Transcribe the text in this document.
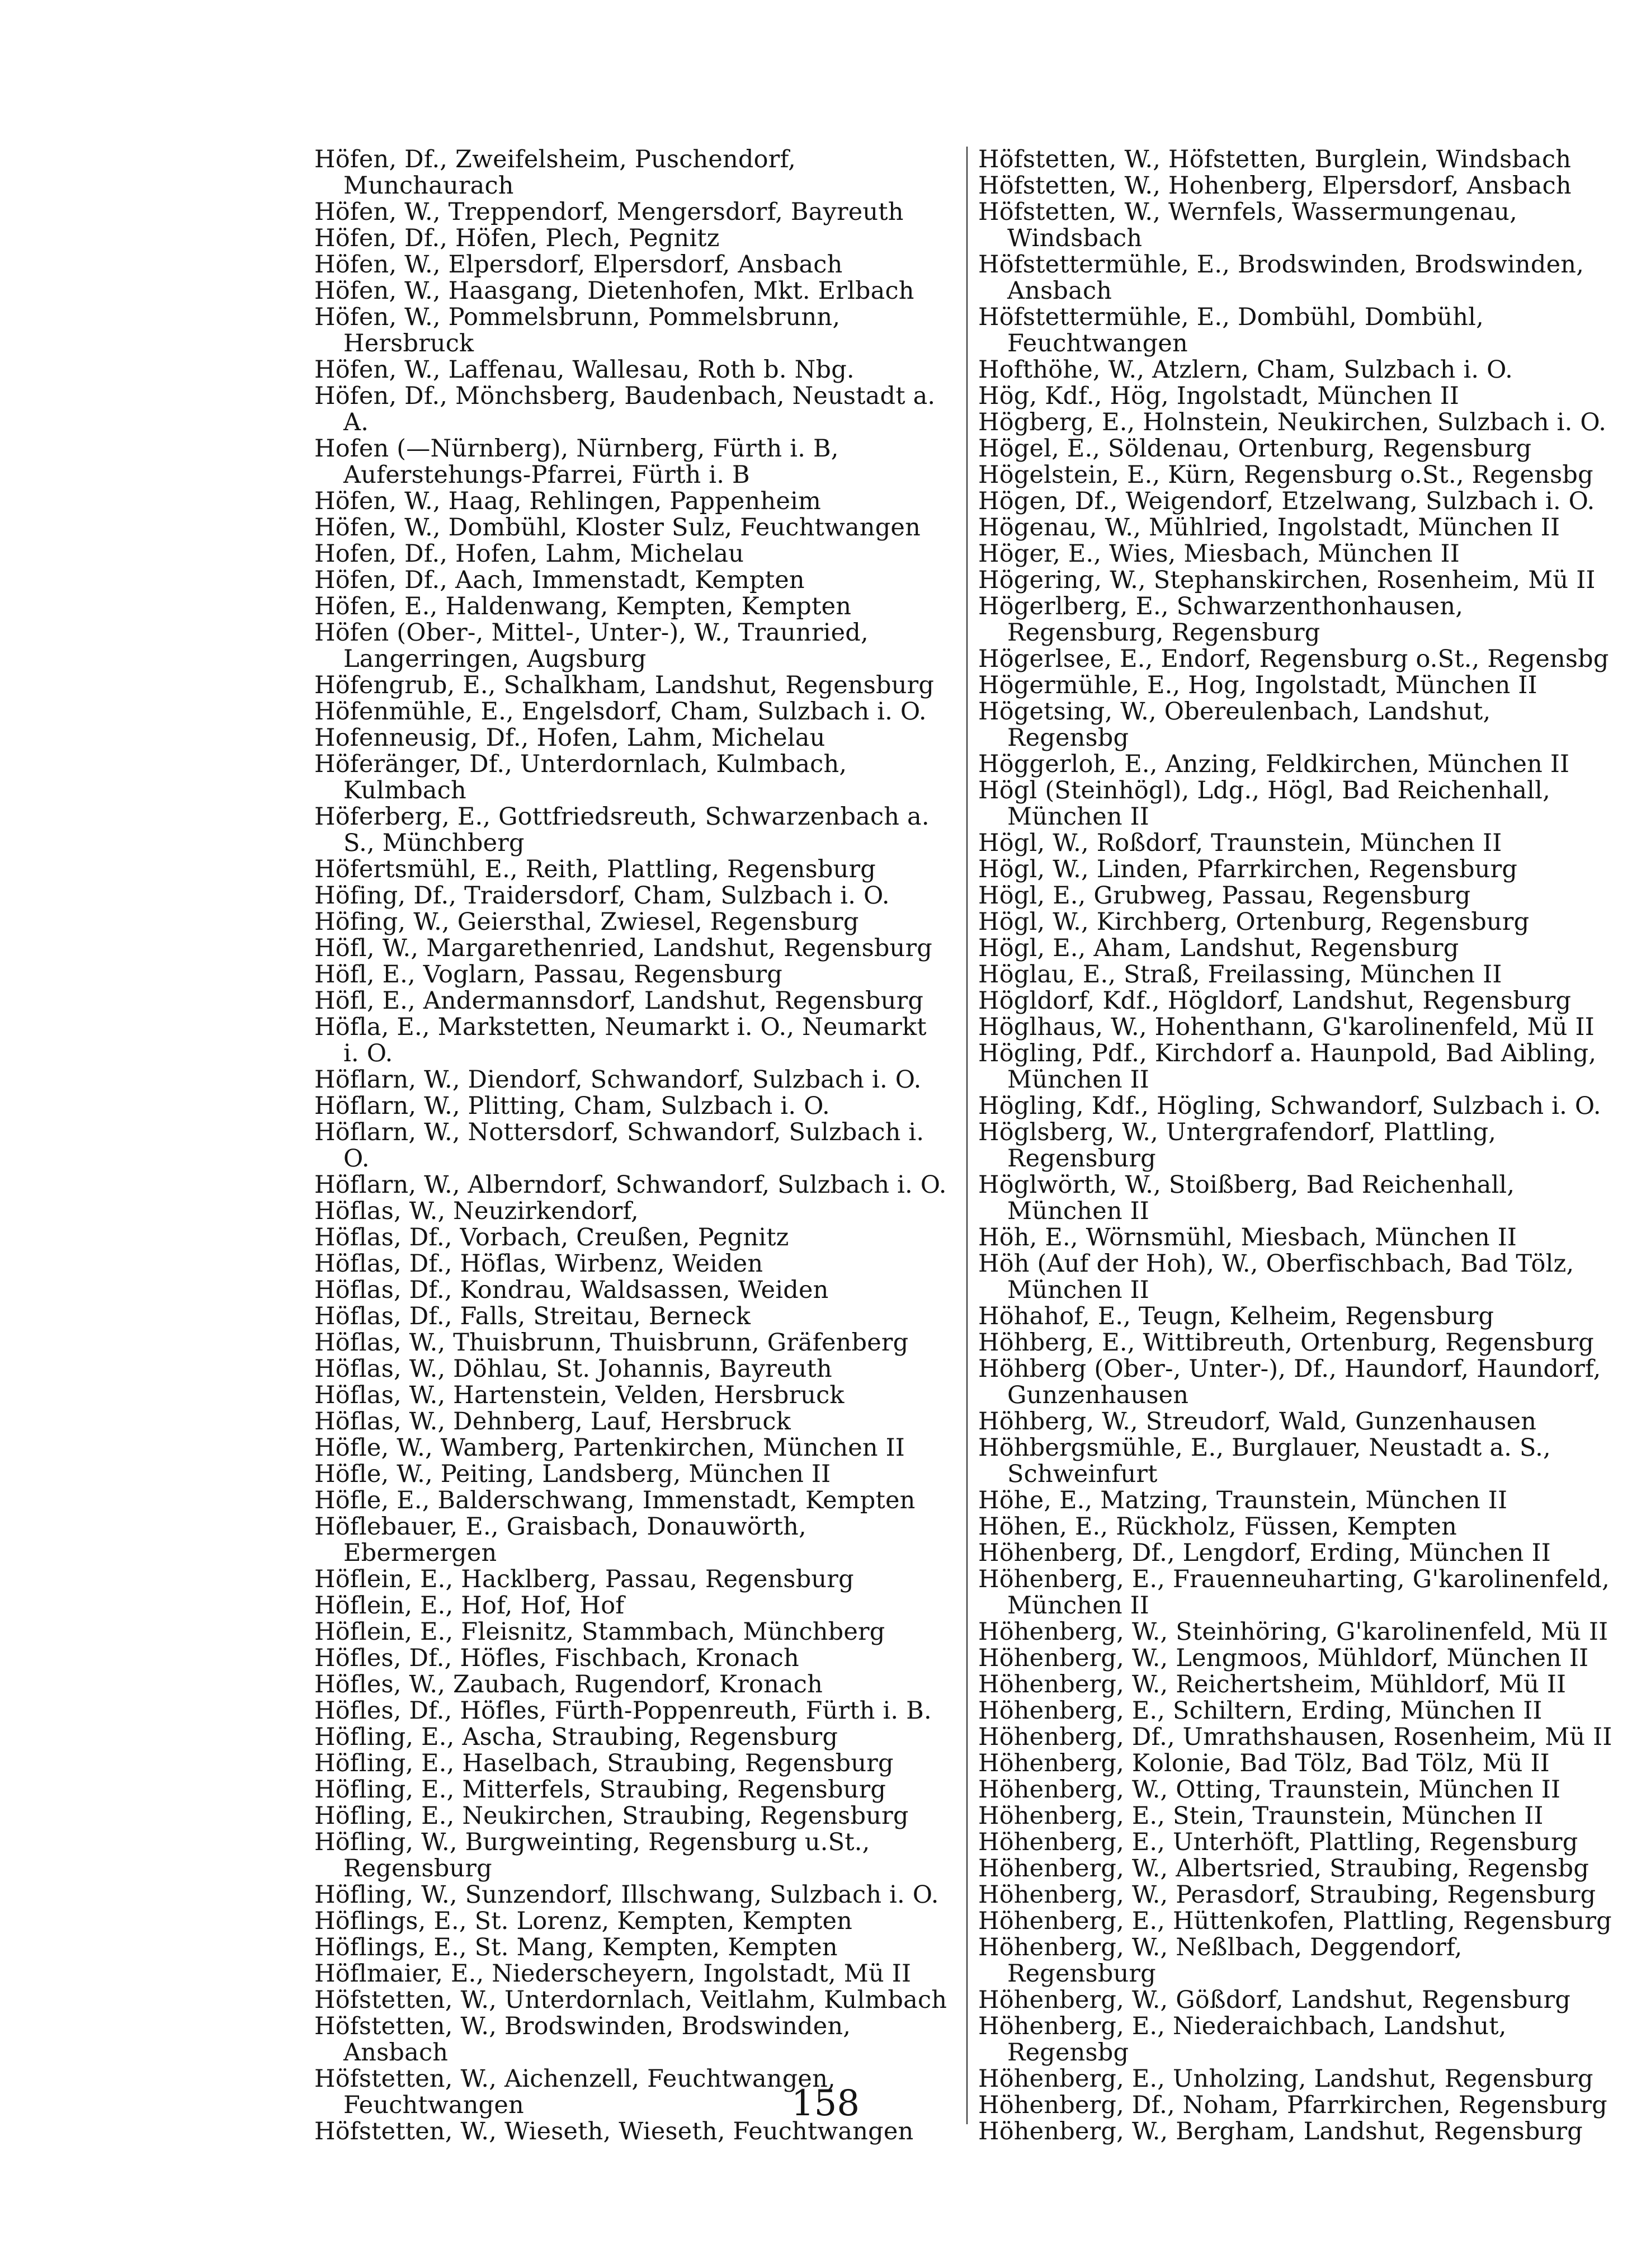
Höfen, Df., Zweifelsheim, Puschendorf, Munchaurach
Höfen, W., Treppendorf, Mengersdorf, Bayreuth
Höfen, Df., Höfen, Plech, Pegnitz
Höfen, W., Elpersdorf, Elpersdorf, Ansbach
Höfen, W., Haasgang, Dietenhofen, Mkt. Erlbach
Höfen, W., Pommelsbrunn, Pommelsbrunn, Hersbruck
Höfen, W., Laffenau, Wallesau, Roth b. Nbg.
Höfen, Df., Mönchsberg, Baudenbach, Neustadt a. A.
Hofen (—Nürnberg), Nürnberg, Fürth i. B, Auferstehungs-Pfarrei, Fürth i. B
Höfen, W., Haag, Rehlingen, Pappenheim
Höfen, W., Dombühl, Kloster Sulz, Feuchtwangen
Hofen, Df., Hofen, Lahm, Michelau
Höfen, Df., Aach, Immenstadt, Kempten
Höfen, E., Haldenwang, Kempten, Kempten
Höfen (Ober-, Mittel-, Unter-), W., Traunried, Langerringen, Augsburg
Höfengrub, E., Schalkham, Landshut, Regensburg
Höfenmühle, E., Engelsdorf, Cham, Sulzbach i. O.
Hofenneusig, Df., Hofen, Lahm, Michelau
Höferänger, Df., Unterdornlach, Kulmbach, Kulmbach
Höferberg, E., Gottfriedsreuth, Schwarzenbach a. S., Münchberg
Höfertsmühl, E., Reith, Plattling, Regensburg
Höfing, Df., Traidersdorf, Cham, Sulzbach i. O.
Höfing, W., Geiersthal, Zwiesel, Regensburg
Höfl, W., Margarethenried, Landshut, Regensburg
Höfl, E., Voglarn, Passau, Regensburg
Höfl, E., Andermannsdorf, Landshut, Regensburg
Höfla, E., Markstetten, Neumarkt i. O., Neumarkt i. O.
Höflarn, W., Diendorf, Schwandorf, Sulzbach i. O.
Höflarn, W., Plitting, Cham, Sulzbach i. O.
Höflarn, W., Nottersdorf, Schwandorf, Sulzbach i. O.
Höflarn, W., Alberndorf, Schwandorf, Sulzbach i. O.
Höflas, W., Neuzirkendorf,
Höflas, Df., Vorbach, Creußen, Pegnitz
Höflas, Df., Höflas, Wirbenz, Weiden
Höflas, Df., Kondrau, Waldsassen, Weiden
Höflas, Df., Falls, Streitau, Berneck
Höflas, W., Thuisbrunn, Thuisbrunn, Gräfenberg
Höflas, W., Döhlau, St. Johannis, Bayreuth
Höflas, W., Hartenstein, Velden, Hersbruck
Höflas, W., Dehnberg, Lauf, Hersbruck
Höfle, W., Wamberg, Partenkirchen, München II
Höfle, W., Peiting, Landsberg, München II
Höfle, E., Balderschwang, Immenstadt, Kempten
Höflebauer, E., Graisbach, Donauwörth, Ebermergen
Höflein, E., Hacklberg, Passau, Regensburg
Höflein, E., Hof, Hof, Hof
Höflein, E., Fleisnitz, Stammbach, Münchberg
Höfles, Df., Höfles, Fischbach, Kronach
Höfles, W., Zaubach, Rugendorf, Kronach
Höfles, Df., Höfles, Fürth-Poppenreuth, Fürth i. B.
Höfling, E., Ascha, Straubing, Regensburg
Höfling, E., Haselbach, Straubing, Regensburg
Höfling, E., Mitterfels, Straubing, Regensburg
Höfling, E., Neukirchen, Straubing, Regensburg
Höfling, W., Burgweinting, Regensburg u.St., Regensburg
Höfling, W., Sunzendorf, Illschwang, Sulzbach i. O.
Höflings, E., St. Lorenz, Kempten, Kempten
Höflings, E., St. Mang, Kempten, Kempten
Höflmaier, E., Niederscheyern, Ingolstadt, Mü II
Höfstetten, W., Unterdornlach, Veitlahm, Kulmbach
Höfstetten, W., Brodswinden, Brodswinden, Ansbach
Höfstetten, W., Aichenzell, Feuchtwangen, Feuchtwangen
Höfstetten, W., Wieseth, Wieseth, Feuchtwangen
Höfstetten, W., Höfstetten, Burglein, Windsbach
Höfstetten, W., Hohenberg, Elpersdorf, Ansbach
Höfstetten, W., Wernfels, Wassermungenau, Windsbach
Höfstettermühle, E., Brodswinden, Brodswinden, Ansbach
Höfstettermühle, E., Dombühl, Dombühl, Feuchtwangen
Hofthöhe, W., Atzlern, Cham, Sulzbach i. O.
Hög, Kdf., Hög, Ingolstadt, München II
Högberg, E., Holnstein, Neukirchen, Sulzbach i. O.
Högel, E., Söldenau, Ortenburg, Regensburg
Högelstein, E., Kürn, Regensburg o.St., Regensbg
Högen, Df., Weigendorf, Etzelwang, Sulzbach i. O.
Högenau, W., Mühlried, Ingolstadt, München II
Höger, E., Wies, Miesbach, München II
Högering, W., Stephanskirchen, Rosenheim, Mü II
Högerlberg, E., Schwarzenthonhausen, Regensburg, Regensburg
Högerlsee, E., Endorf, Regensburg o.St., Regensbg
Högermühle, E., Hog, Ingolstadt, München II
Högetsing, W., Obereulenbach, Landshut, Regensbg
Höggerloh, E., Anzing, Feldkirchen, München II
Högl (Steinhögl), Ldg., Högl, Bad Reichenhall, München II
Högl, W., Roßdorf, Traunstein, München II
Högl, W., Linden, Pfarrkirchen, Regensburg
Högl, E., Grubweg, Passau, Regensburg
Högl, W., Kirchberg, Ortenburg, Regensburg
Högl, E., Aham, Landshut, Regensburg
Höglau, E., Straß, Freilassing, München II
Högldorf, Kdf., Högldorf, Landshut, Regensburg
Höglhaus, W., Hohenthann, G'karolinenfeld, Mü II
Högling, Pdf., Kirchdorf a. Haunpold, Bad Aibling, München II
Högling, Kdf., Högling, Schwandorf, Sulzbach i. O.
Höglsberg, W., Untergrafendorf, Plattling, Regensburg
Höglwörth, W., Stoißberg, Bad Reichenhall, München II
Höh, E., Wörnsmühl, Miesbach, München II
Höh (Auf der Hoh), W., Oberfischbach, Bad Tölz, München II
Höhahof, E., Teugn, Kelheim, Regensburg
Höhberg, E., Wittibreuth, Ortenburg, Regensburg
Höhberg (Ober-, Unter-), Df., Haundorf, Haundorf, Gunzenhausen
Höhberg, W., Streudorf, Wald, Gunzenhausen
Höhbergsmühle, E., Burglauer, Neustadt a. S., Schweinfurt
Höhe, E., Matzing, Traunstein, München II
Höhen, E., Rückholz, Füssen, Kempten
Höhenberg, Df., Lengdorf, Erding, München II
Höhenberg, E., Frauenneuharting, G'karolinenfeld, München II
Höhenberg, W., Steinhöring, G'karolinenfeld, Mü II
Höhenberg, W., Lengmoos, Mühldorf, München II
Höhenberg, W., Reichertsheim, Mühldorf, Mü II
Höhenberg, E., Schiltern, Erding, München II
Höhenberg, Df., Umrathshausen, Rosenheim, Mü II
Höhenberg, Kolonie, Bad Tölz, Bad Tölz, Mü II
Höhenberg, W., Otting, Traunstein, München II
Höhenberg, E., Stein, Traunstein, München II
Höhenberg, E., Unterhöft, Plattling, Regensburg
Höhenberg, W., Albertsried, Straubing, Regensbg
Höhenberg, W., Perasdorf, Straubing, Regensburg
Höhenberg, E., Hüttenkofen, Plattling, Regensburg
Höhenberg, W., Neßlbach, Deggendorf, Regensburg
Höhenberg, W., Gößdorf, Landshut, Regensburg
Höhenberg, E., Niederaichbach, Landshut, Regensbg
Höhenberg, E., Unholzing, Landshut, Regensburg
Höhenberg, Df., Noham, Pfarrkirchen, Regensburg
Höhenberg, W., Bergham, Landshut, Regensburg
158
